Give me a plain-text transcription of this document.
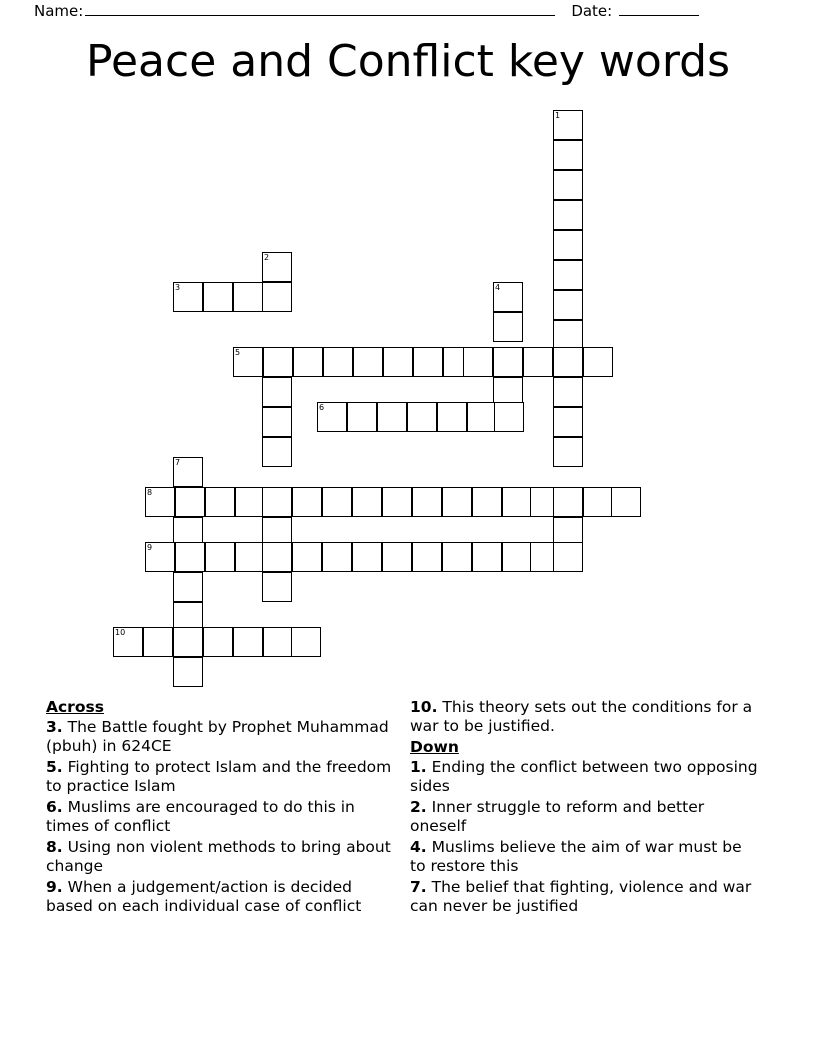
Name:	Date:
Peace and Conflict key words
1
2
3	4
5
6
7
8
9
10
Across
3. The Battle fought by Prophet Muhammad (pbuh) in 624CE
5. Fighting to protect Islam and the freedom to practice Islam
6. Muslims are encouraged to do this in times of conflict
8. Using non violent methods to bring about change
9. When a judgement/action is decided based on each individual case of conflict
10. This theory sets out the conditions for a war to be justified.
Down
1. Ending the conflict between two opposing sides
2. Inner struggle to reform and better oneself
4. Muslims believe the aim of war must be to restore this
7. The belief that fighting, violence and war can never be justified
